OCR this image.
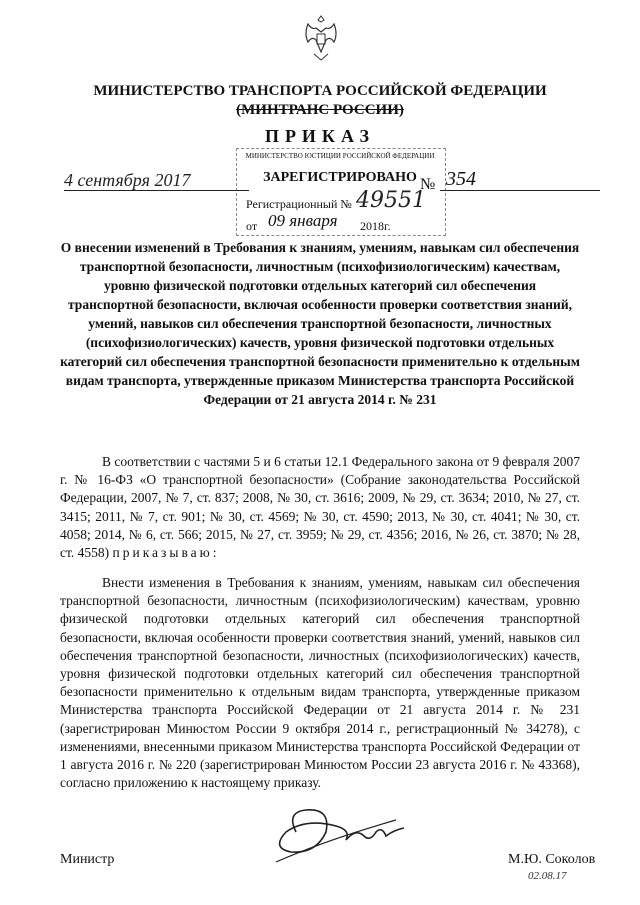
МИНИСТЕРСТВО ТРАНСПОРТА РОССИЙСКОЙ ФЕДЕРАЦИИ
(МИНТРАНС РОССИИ)
ПРИКАЗ
МИНИСТЕРСТВО ЮСТИЦИИ РОССИЙСКОЙ ФЕДЕРАЦИИ
ЗАРЕГИСТРИРОВАНО
Регистрационный № 49551
от 09 января 2018г.
4 сентября 2017	№ 354
О внесении изменений в Требования к знаниям, умениям, навыкам сил обеспечения транспортной безопасности, личностным (психофизиологическим) качествам, уровню физической подготовки отдельных категорий сил обеспечения транспортной безопасности, включая особенности проверки соответствия знаний, умений, навыков сил обеспечения транспортной безопасности, личностных (психофизиологических) качеств, уровня физической подготовки отдельных категорий сил обеспечения транспортной безопасности применительно к отдельным видам транспорта, утвержденные приказом Министерства транспорта Российской Федерации от 21 августа 2014 г. № 231
В соответствии с частями 5 и 6 статьи 12.1 Федерального закона от 9 февраля 2007 г. № 16-ФЗ «О транспортной безопасности» (Собрание законодательства Российской Федерации, 2007, № 7, ст. 837; 2008, № 30, ст. 3616; 2009, № 29, ст. 3634; 2010, № 27, ст. 3415; 2011, № 7, ст. 901; № 30, ст. 4569; № 30, ст. 4590; 2013, № 30, ст. 4041; № 30, ст. 4058; 2014, № 6, ст. 566; 2015, № 27, ст. 3959; № 29, ст. 4356; 2016, № 26, ст. 3870; № 28, ст. 4558) приказываю:
Внести изменения в Требования к знаниям, умениям, навыкам сил обеспечения транспортной безопасности, личностным (психофизиологическим) качествам, уровню физической подготовки отдельных категорий сил обеспечения транспортной безопасности, включая особенности проверки соответствия знаний, умений, навыков сил обеспечения транспортной безопасности, личностных (психофизиологических) качеств, уровня физической подготовки отдельных категорий сил обеспечения транспортной безопасности применительно к отдельным видам транспорта, утвержденные приказом Министерства транспорта Российской Федерации от 21 августа 2014 г. № 231 (зарегистрирован Минюстом России 9 октября 2014 г., регистрационный № 34278), с изменениями, внесенными приказом Министерства транспорта Российской Федерации от 1 августа 2016 г. № 220 (зарегистрирован Минюстом России 23 августа 2016 г. № 43368), согласно приложению к настоящему приказу.
Министр	М.Ю. Соколов
02.08.17
